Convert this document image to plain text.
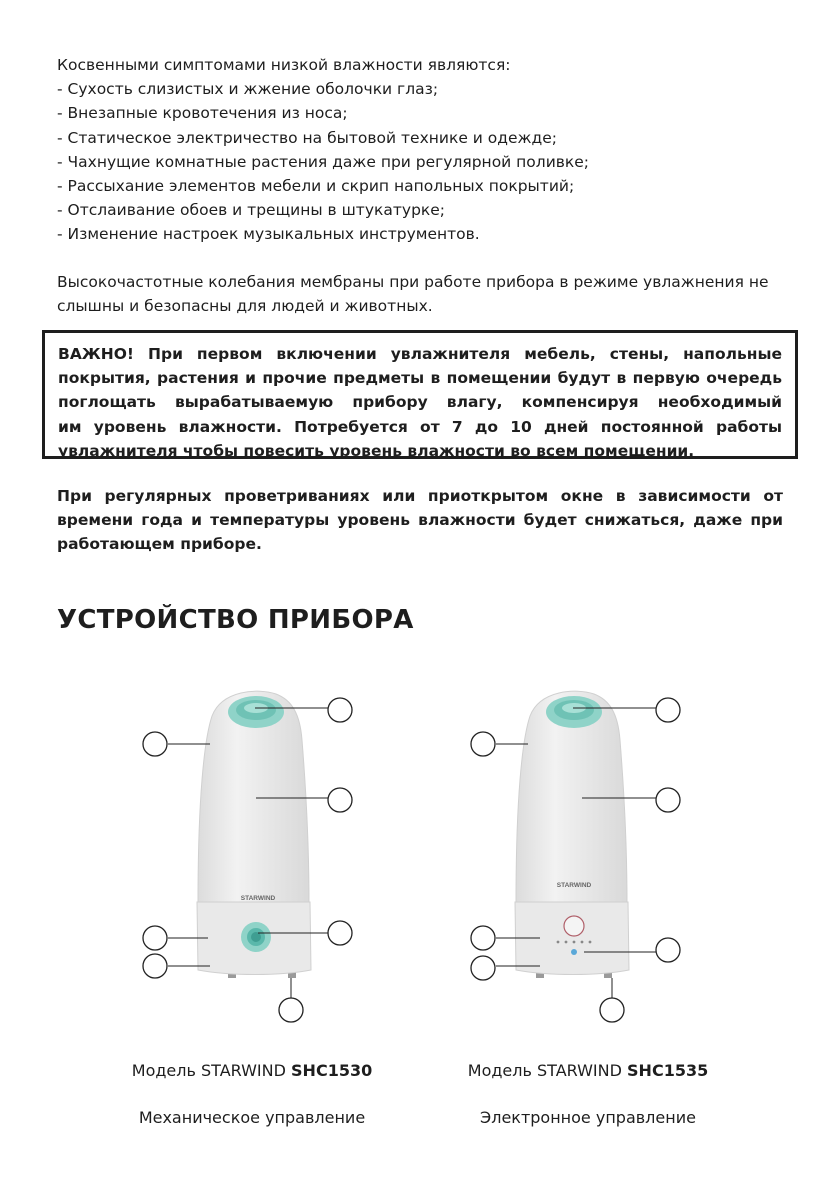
Косвенными симптомами низкой влажности являются:
- Сухость слизистых и жжение оболочки глаз;
- Внезапные кровотечения из носа;
- Статическое электричество на бытовой технике и одежде;
- Чахнущие комнатные растения даже при регулярной поливке;
- Рассыхание элементов мебели и скрип напольных покрытий;
- Отслаивание обоев и трещины в штукатурке;
- Изменение настроек музыкальных инструментов.
Высокочастотные колебания мембраны при работе прибора в режиме увлажнения не
слышны и безопасны для людей и животных.
ВАЖНО! При первом включении увлажнителя мебель, стены, напольные
покрытия, растения и прочие предметы в помещении будут в первую очередь
поглощать вырабатываемую прибору влагу, компенсируя необходимый
им уровень влажности. Потребуется от 7 до 10 дней постоянной работы
увлажнителя чтобы повесить уровень влажности во всем помещении.
При регулярных проветриваниях или приоткрытом окне в зависимости от
времени года и температуры уровень влажности будет снижаться, даже при
работающем приборе.
УСТРОЙСТВО ПРИБОРА
STARWIND
STARWIND
Модель STARWIND SHC1530
Механическое управление
Модель STARWIND SHC1535
Электронное управление
